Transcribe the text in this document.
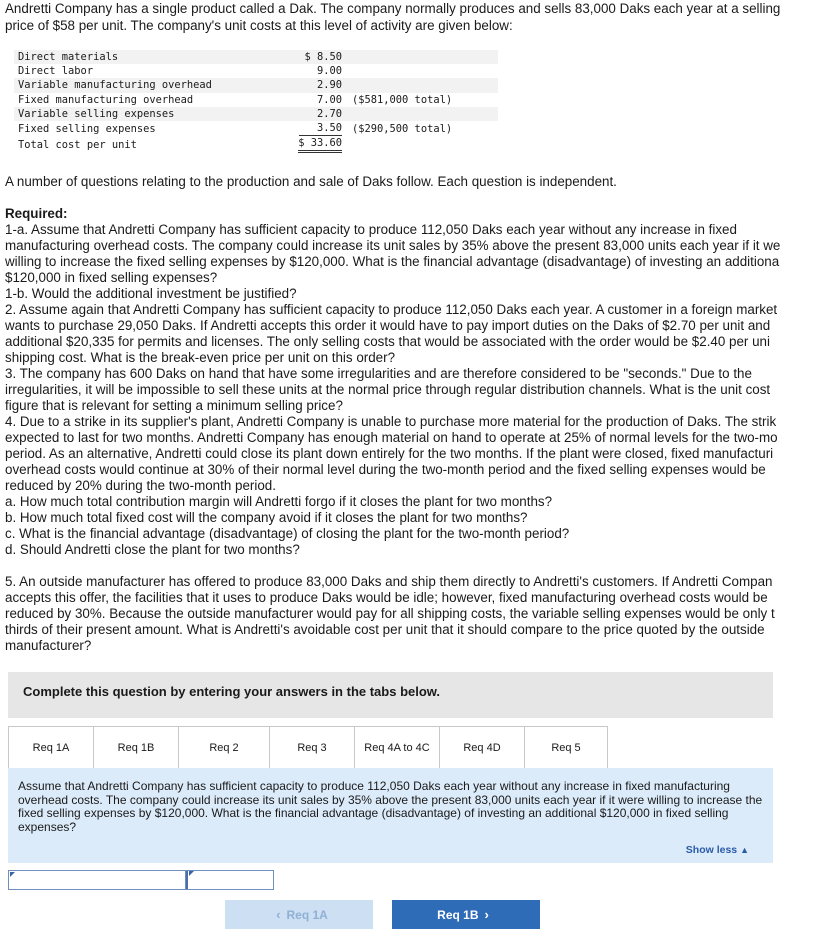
Andretti Company has a single product called a Dak. The company normally produces and sells 83,000 Daks each year at a selling
price of $58 per unit. The company's unit costs at this level of activity are given below:
Direct materials	$ 8.50	
Direct labor	9.00	
Variable manufacturing overhead	2.90	
Fixed manufacturing overhead	7.00	($581,000 total)
Variable selling expenses	2.70	
Fixed selling expenses	3.50	($290,500 total)
Total cost per unit	$ 33.60	
A number of questions relating to the production and sale of Daks follow. Each question is independent.
Required:
1-a. Assume that Andretti Company has sufficient capacity to produce 112,050 Daks each year without any increase in fixed
manufacturing overhead costs. The company could increase its unit sales by 35% above the present 83,000 units each year if it we
willing to increase the fixed selling expenses by $120,000. What is the financial advantage (disadvantage) of investing an additiona
$120,000 in fixed selling expenses?
1-b. Would the additional investment be justified?
2. Assume again that Andretti Company has sufficient capacity to produce 112,050 Daks each year. A customer in a foreign market
wants to purchase 29,050 Daks. If Andretti accepts this order it would have to pay import duties on the Daks of $2.70 per unit and
additional $20,335 for permits and licenses. The only selling costs that would be associated with the order would be $2.40 per uni
shipping cost. What is the break-even price per unit on this order?
3. The company has 600 Daks on hand that have some irregularities and are therefore considered to be "seconds." Due to the
irregularities, it will be impossible to sell these units at the normal price through regular distribution channels. What is the unit cost
figure that is relevant for setting a minimum selling price?
4. Due to a strike in its supplier's plant, Andretti Company is unable to purchase more material for the production of Daks. The strik
expected to last for two months. Andretti Company has enough material on hand to operate at 25% of normal levels for the two-mo
period. As an alternative, Andretti could close its plant down entirely for the two months. If the plant were closed, fixed manufacturi
overhead costs would continue at 30% of their normal level during the two-month period and the fixed selling expenses would be
reduced by 20% during the two-month period.
a. How much total contribution margin will Andretti forgo if it closes the plant for two months?
b. How much total fixed cost will the company avoid if it closes the plant for two months?
c. What is the financial advantage (disadvantage) of closing the plant for the two-month period?
d. Should Andretti close the plant for two months?
5. An outside manufacturer has offered to produce 83,000 Daks and ship them directly to Andretti's customers. If Andretti Compan
accepts this offer, the facilities that it uses to produce Daks would be idle; however, fixed manufacturing overhead costs would be
reduced by 30%. Because the outside manufacturer would pay for all shipping costs, the variable selling expenses would be only t
thirds of their present amount. What is Andretti's avoidable cost per unit that it should compare to the price quoted by the outside
manufacturer?
Complete this question by entering your answers in the tabs below.
Req 1A	Req 1B	Req 2	Req 3	Req 4A to 4C	Req 4D	Req 5
Assume that Andretti Company has sufficient capacity to produce 112,050 Daks each year without any increase in fixed manufacturing overhead costs. The company could increase its unit sales by 35% above the present 83,000 units each year if it were willing to increase the fixed selling expenses by $120,000. What is the financial advantage (disadvantage) of investing an additional $120,000 in fixed selling expenses?
Show less ▲
‹ Req 1A	Req 1B ›
